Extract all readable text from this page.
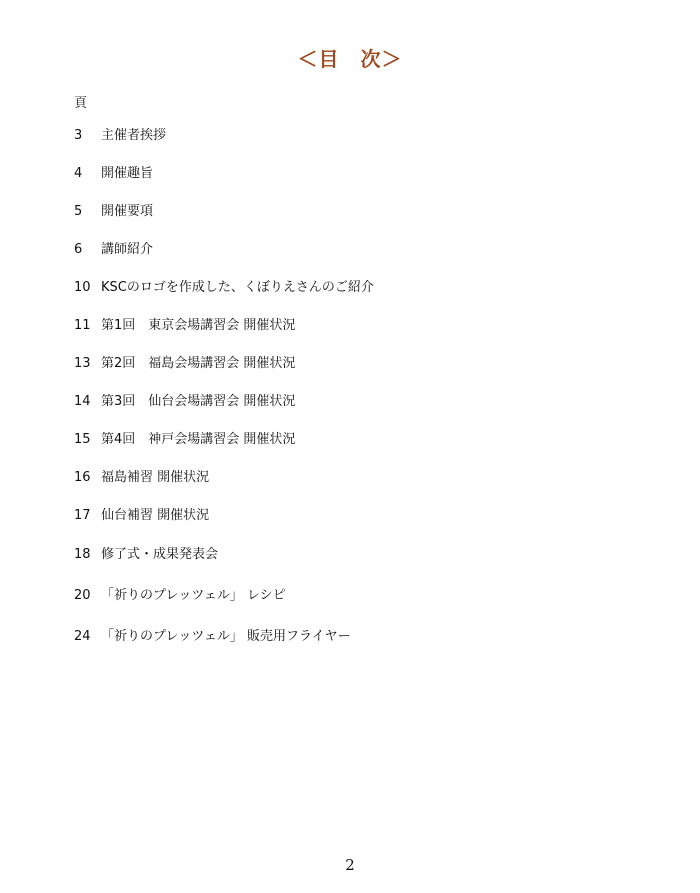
＜目　次＞
頁
3 主催者挨拶
4 開催趣旨
5 開催要項
6 講師紹介
10 KSCのロゴを作成した、くぼりえさんのご紹介
11 第1回　東京会場講習会 開催状況
13 第2回　福島会場講習会 開催状況
14 第3回　仙台会場講習会 開催状況
15 第4回　神戸会場講習会 開催状況
16 福島補習 開催状況
17 仙台補習 開催状況
18 修了式・成果発表会
20 「祈りのプレッツェル」 レシピ
24 「祈りのプレッツェル」 販売用フライヤー
2
